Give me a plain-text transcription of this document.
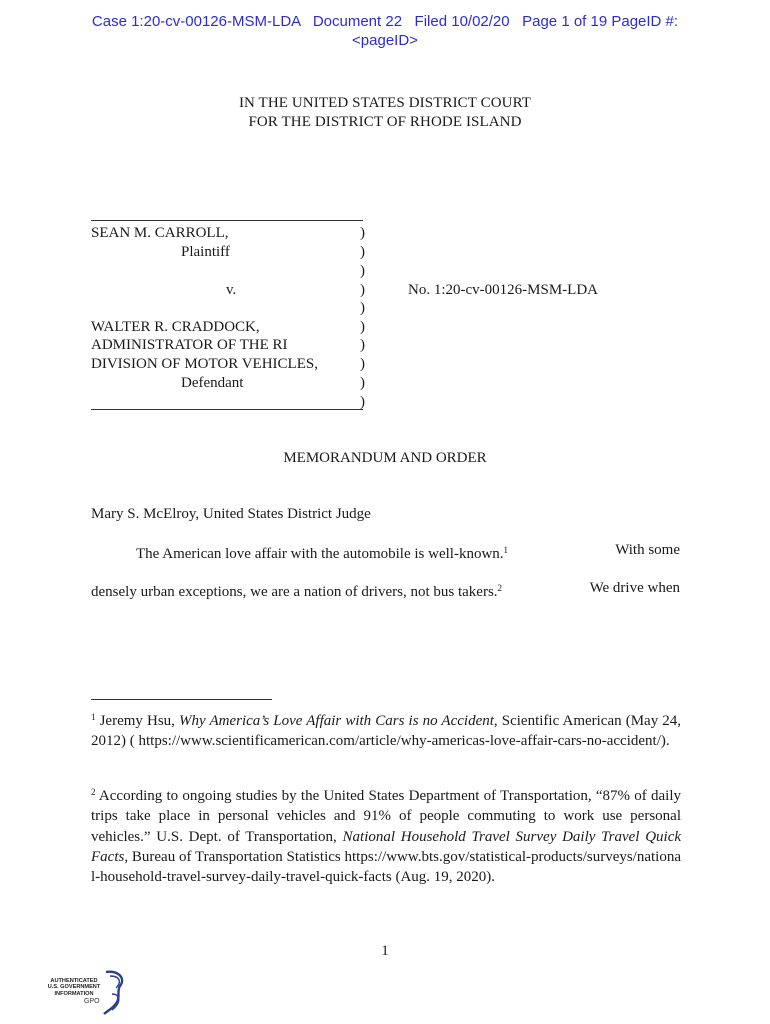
Case 1:20-cv-00126-MSM-LDA   Document 22   Filed 10/02/20   Page 1 of 19 PageID #:
<pageID>
IN THE UNITED STATES DISTRICT COURT
FOR THE DISTRICT OF RHODE ISLAND
SEAN M. CARROLL,
Plaintiff
v.
WALTER R. CRADDOCK,
ADMINISTRATOR OF THE RI
DIVISION OF MOTOR VEHICLES,
Defendant
)
)
)
)
)
)
)
)
)
)
No. 1:20-cv-00126-MSM-LDA
MEMORANDUM AND ORDER
Mary S. McElroy, United States District Judge
The American love affair with the automobile is well-known.$^1$	With some
densely urban exceptions, we are a nation of drivers, not bus takers.$^2$	We drive when
$^1$ Jeremy Hsu, Why America’s Love Affair with Cars is no Accident, Scientific American (May 24, 2012) ( https://www.scientificamerican.com/article/why-americas-love-affair-cars-no-accident/).
$^2$ According to ongoing studies by the United States Department of Transportation, “87% of daily trips take place in personal vehicles and 91% of people commuting to work use personal vehicles.” U.S. Dept. of Transportation, National Household Travel Survey Daily Travel Quick Facts, Bureau of Transportation Statistics https://www.bts.gov/statistical-products/surveys/national-household-travel-survey-daily-travel-quick-facts (Aug. 19, 2020).
1
AUTHENTICATED
U.S. GOVERNMENT
INFORMATION
GPO
